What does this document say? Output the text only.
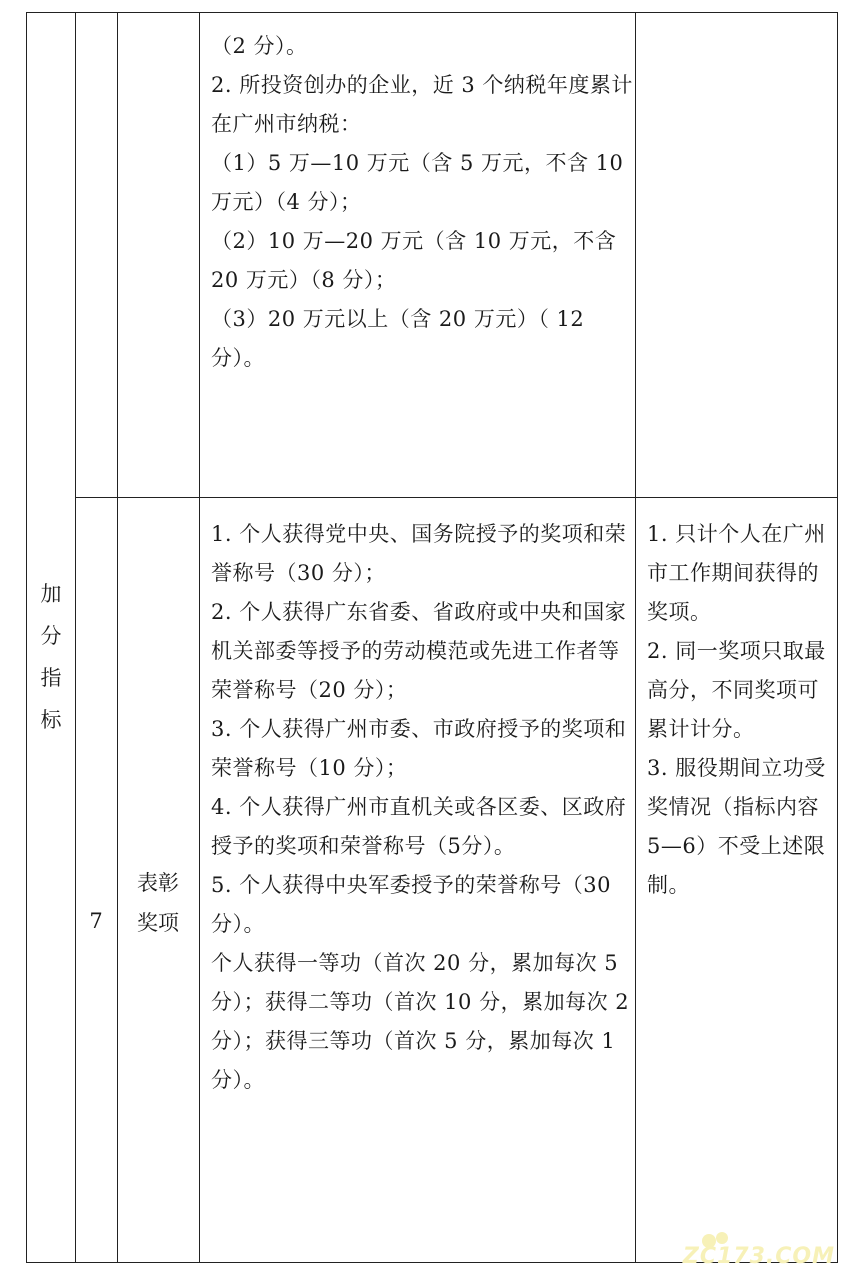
加
分
指
标
7
表彰
奖项

（2 分）。

2. 所投资创办的企业，近 3 个纳税年度累计在广州市纳税：

（1）5 万—10 万元（含 5 万元，不含 10 万元）（4 分）；

（2）10 万—20 万元（含 10 万元，不含 20 万元）（8 分）；

（3）20 万元以上（含 20 万元）（ 12 分）。

1. 个人获得党中央、国务院授予的奖项和荣誉称号（30 分）；

2. 个人获得广东省委、省政府或中央和国家机关部委等授予的劳动模范或先进工作者等荣誉称号（20 分）；

3. 个人获得广州市委、市政府授予的奖项和荣誉称号（10 分）；

4. 个人获得广州市直机关或各区委、区政府授予的奖项和荣誉称号（5分）。

5. 个人获得中央军委授予的荣誉称号（30 分）。

个人获得一等功（首次 20 分，累加每次 5 分）；获得二等功（首次 10 分，累加每次 2 分）；获得三等功（首次 5 分，累加每次 1 分）。

1. 只计个人在广州市工作期间获得的奖项。

2. 同一奖项只取最高分，不同奖项可累计计分。

3. 服役期间立功受奖情况（指标内容 5—6）不受上述限制。

ZC173.COM
